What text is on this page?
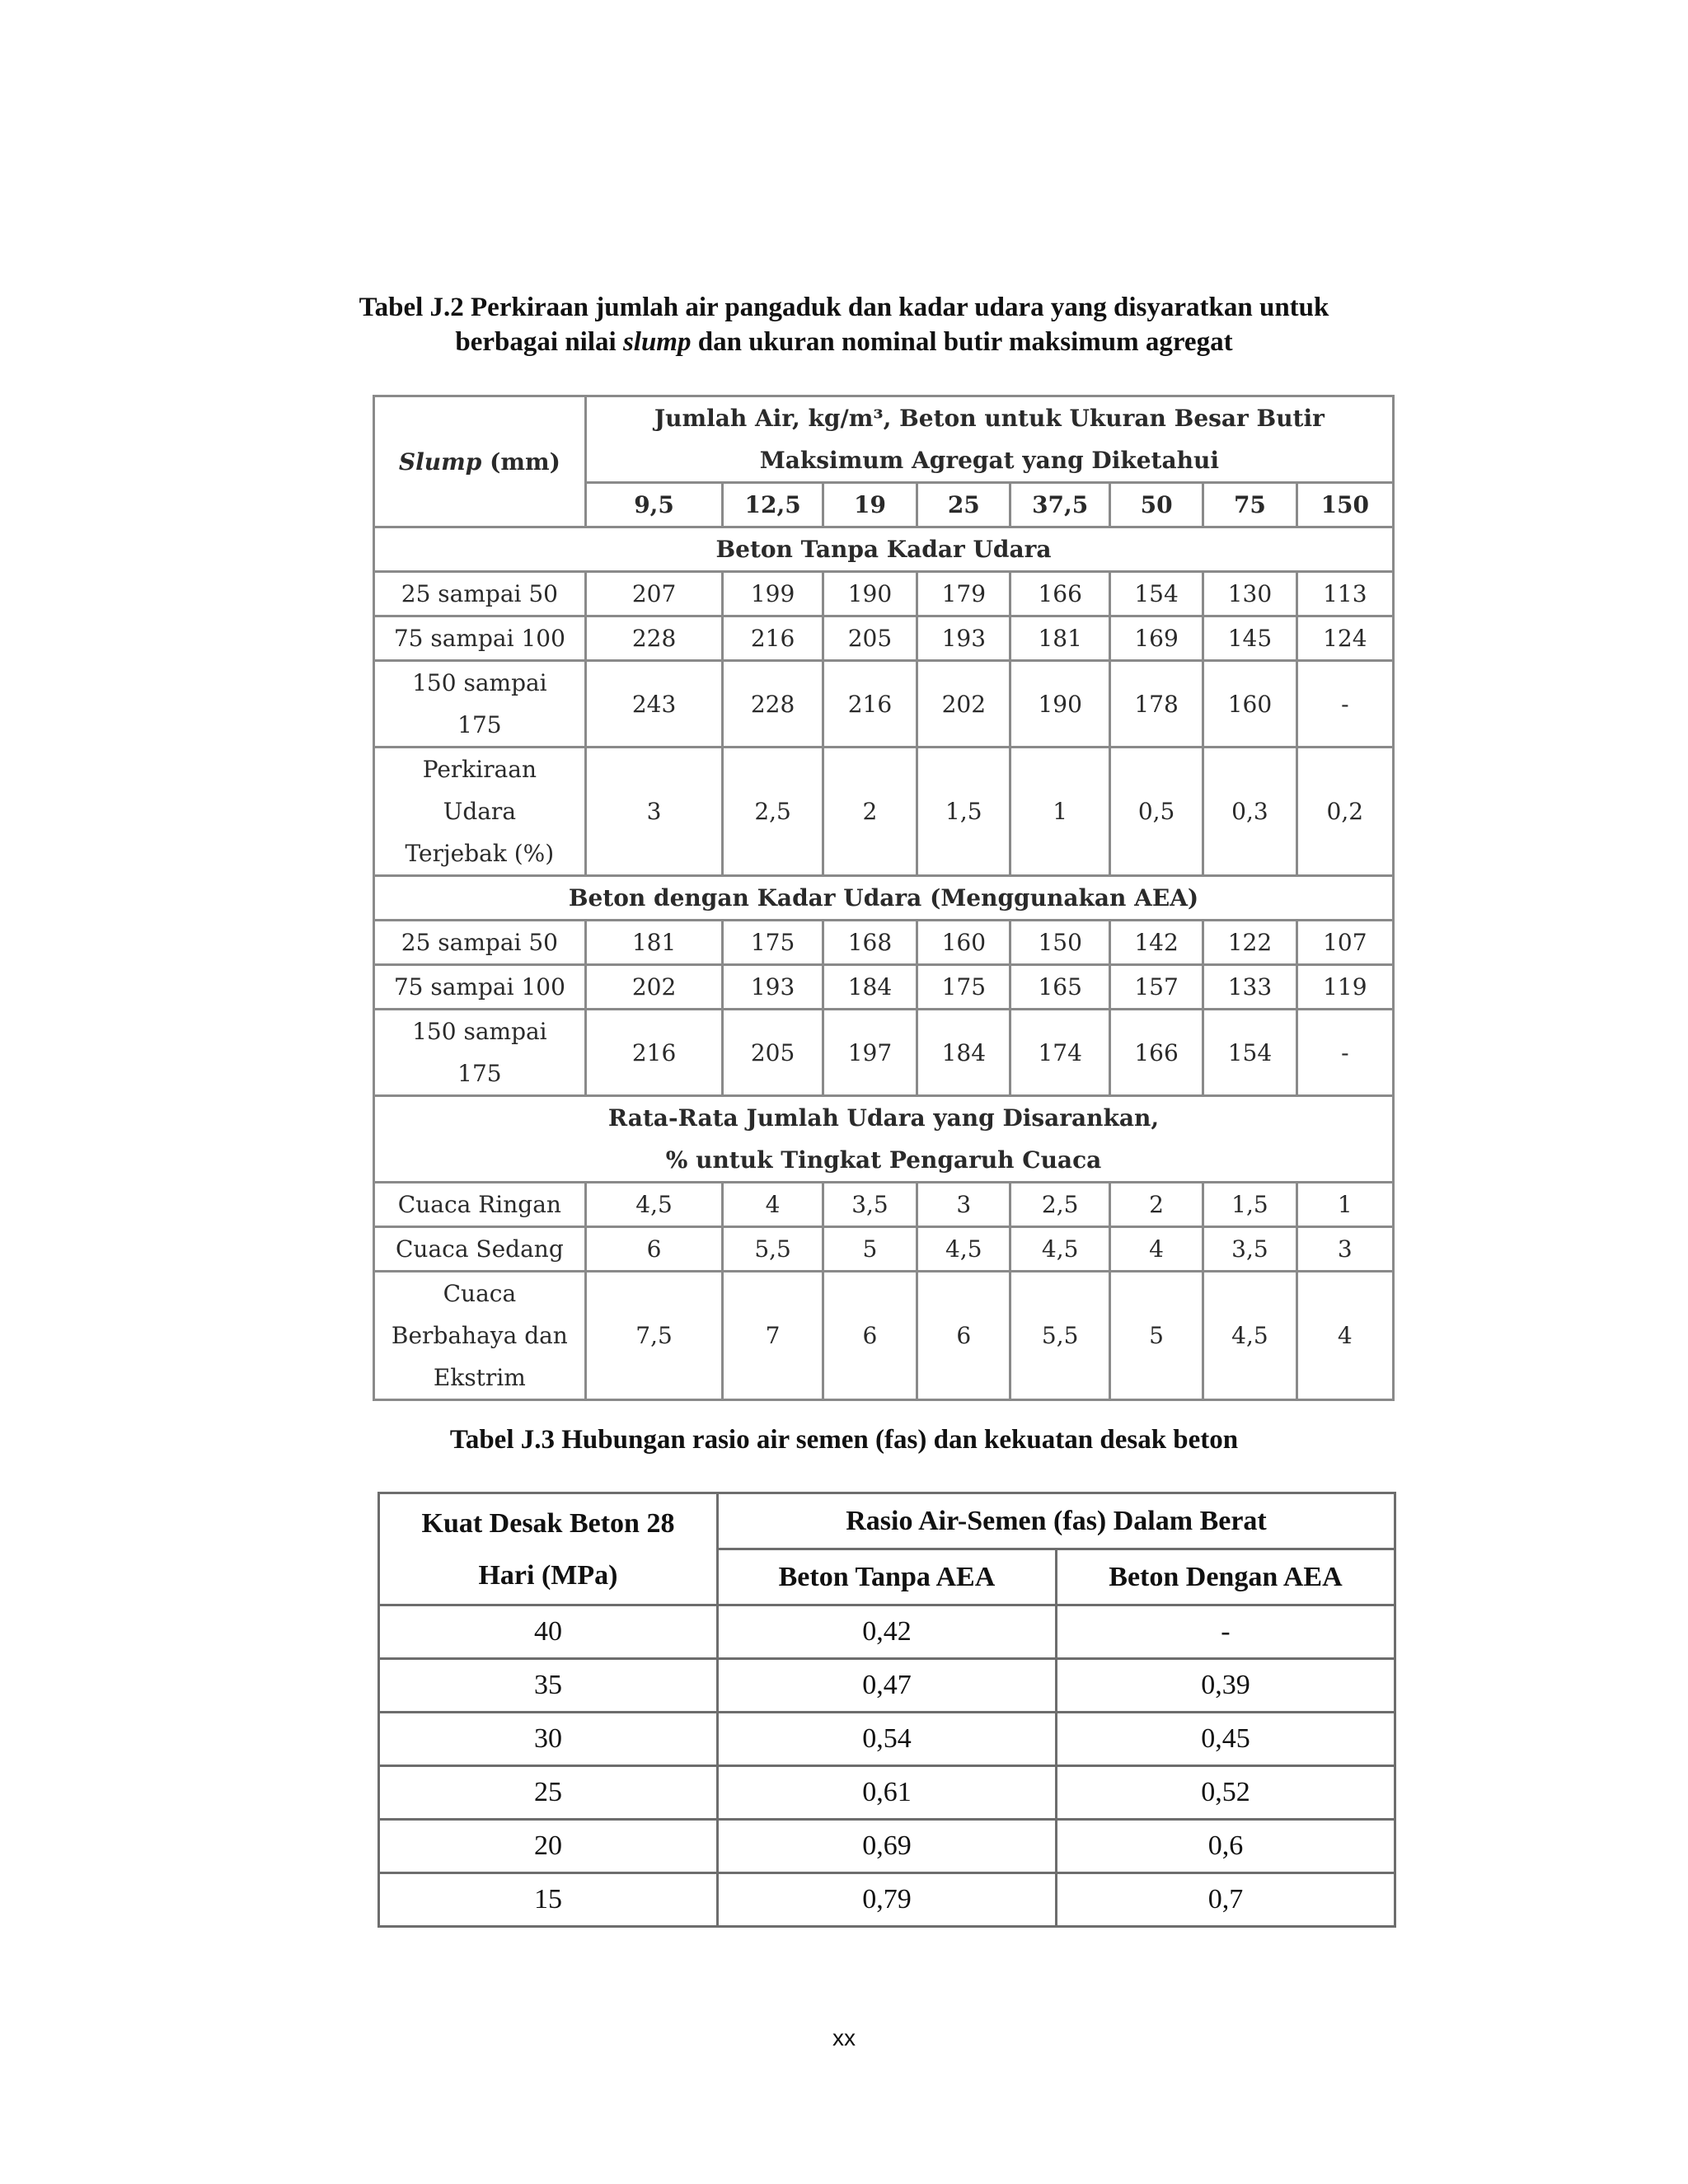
Tabel J.2 Perkiraan jumlah air pangaduk dan kadar udara yang disyaratkan untuk
berbagai nilai slump dan ukuran nominal butir maksimum agregat
Slump (mm)	Jumlah Air, kg/m³, Beton untuk Ukuran Besar Butir
Maksimum Agregat yang Diketahui							
	9,5	12,5	19	25	37,5	50	75	150
Beton Tanpa Kadar Udara								
25 sampai 50	207	199	190	179	166	154	130	113
75 sampai 100	228	216	205	193	181	169	145	124
150 sampai
175	243	228	216	202	190	178	160	-
Perkiraan
Udara
Terjebak (%)	3	2,5	2	1,5	1	0,5	0,3	0,2
Beton dengan Kadar Udara (Menggunakan AEA)								
25 sampai 50	181	175	168	160	150	142	122	107
75 sampai 100	202	193	184	175	165	157	133	119
150 sampai
175	216	205	197	184	174	166	154	-
Rata-Rata Jumlah Udara yang Disarankan,
% untuk Tingkat Pengaruh Cuaca								
Cuaca Ringan	4,5	4	3,5	3	2,5	2	1,5	1
Cuaca Sedang	6	5,5	5	4,5	4,5	4	3,5	3
Cuaca
Berbahaya dan
Ekstrim	7,5	7	6	6	5,5	5	4,5	4
Tabel J.3 Hubungan rasio air semen (fas) dan kekuatan desak beton
Kuat Desak Beton 28
Hari (MPa)	Rasio Air-Semen (fas) Dalam Berat	
	Beton Tanpa AEA	Beton Dengan AEA
40	0,42	-
35	0,47	0,39
30	0,54	0,45
25	0,61	0,52
20	0,69	0,6
15	0,79	0,7
xx
